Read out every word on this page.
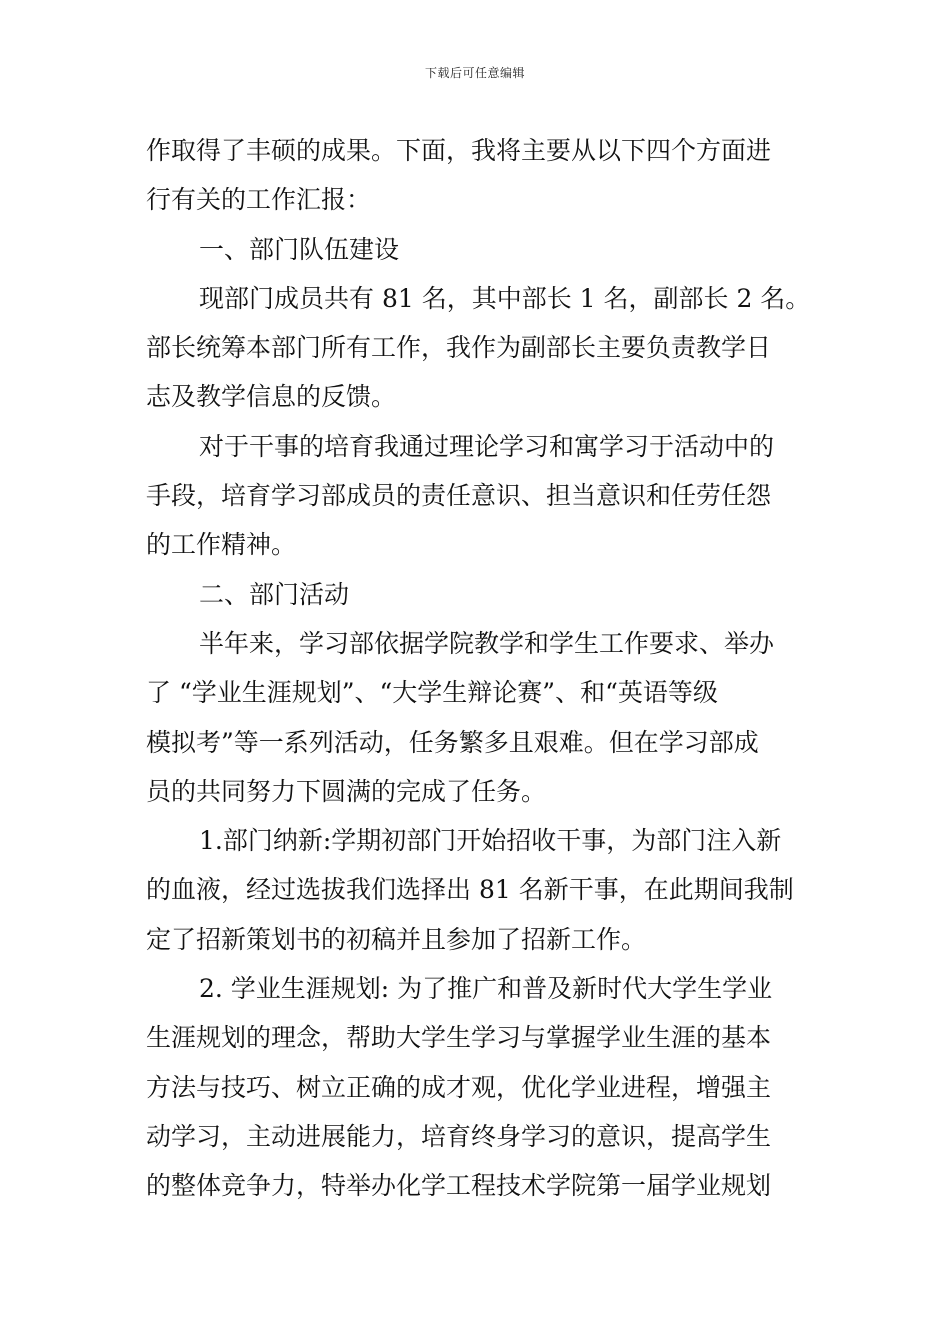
下载后可任意编辑
作取得了丰硕的成果。下面，我将主要从以下四个方面进
行有关的工作汇报：
一、部门队伍建设
现部门成员共有 81 名，其中部长 1 名，副部长 2 名。
部长统筹本部门所有工作，我作为副部长主要负责教学日
志及教学信息的反馈。
对于干事的培育我通过理论学习和寓学习于活动中的
手段，培育学习部成员的责任意识、担当意识和任劳任怨
的工作精神。
二、部门活动
半年来，学习部依据学院教学和学生工作要求、举办
了 “学业生涯规划”、“大学生辩论赛”、和“英语等级
模拟考”等一系列活动，任务繁多且艰难。但在学习部成
员的共同努力下圆满的完成了任务。
1.部门纳新:学期初部门开始招收干事，为部门注入新
的血液，经过选拔我们选择出 81 名新干事，在此期间我制
定了招新策划书的初稿并且参加了招新工作。
2. 学业生涯规划: 为了推广和普及新时代大学生学业
生涯规划的理念，帮助大学生学习与掌握学业生涯的基本
方法与技巧、树立正确的成才观，优化学业进程，增强主
动学习，主动进展能力，培育终身学习的意识，提高学生
的整体竞争力，特举办化学工程技术学院第一届学业规划
